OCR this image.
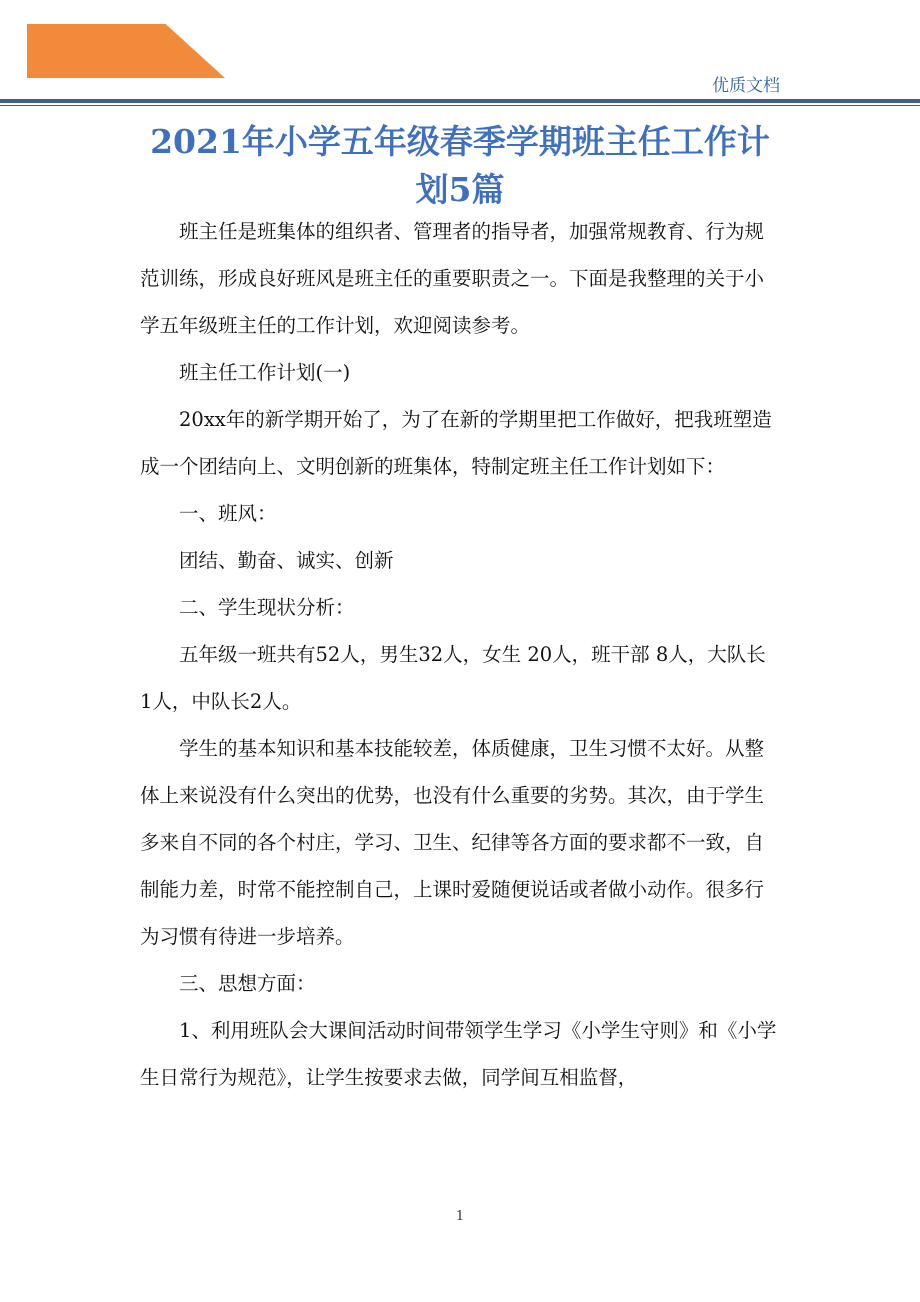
优质文档
2021年小学五年级春季学期班主任工作计划5篇

班主任是班集体的组织者、管理者的指导者，加强常规教育、行为规范训练，形成良好班风是班主任的重要职责之一。下面是我整理的关于小学五年级班主任的工作计划，欢迎阅读参考。

班主任工作计划(一)

20xx年的新学期开始了，为了在新的学期里把工作做好，把我班塑造成一个团结向上、文明创新的班集体，特制定班主任工作计划如下：

一、班风：

团结、勤奋、诚实、创新

二、学生现状分析：

五年级一班共有52人，男生32人，女生 20人，班干部 8人，大队长 1人，中队长2人。

学生的基本知识和基本技能较差，体质健康，卫生习惯不太好。从整体上来说没有什么突出的优势，也没有什么重要的劣势。其次，由于学生多来自不同的各个村庄，学习、卫生、纪律等各方面的要求都不一致，自制能力差，时常不能控制自己，上课时爱随便说话或者做小动作。很多行为习惯有待进一步培养。

三、思想方面：

1、利用班队会大课间活动时间带领学生学习《小学生守则》和《小学生日常行为规范》，让学生按要求去做，同学间互相监督，

1
